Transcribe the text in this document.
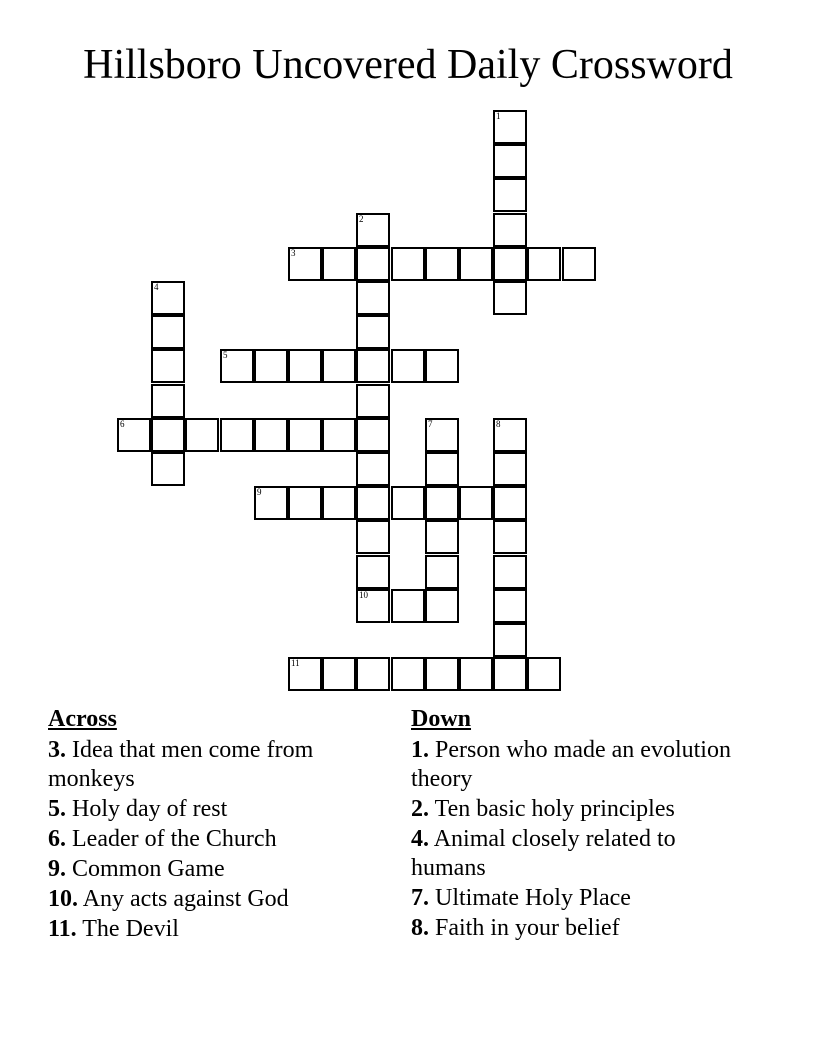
Hillsboro Uncovered Daily Crossword
1
2
10
3
4
5
6	7	8
9
11
Across
3. Idea that men come from monkeys
5. Holy day of rest
6. Leader of the Church
9. Common Game
10. Any acts against God
11. The Devil
Down
1. Person who made an evolution theory
2. Ten basic holy principles
4. Animal closely related to humans
7. Ultimate Holy Place
8. Faith in your belief
